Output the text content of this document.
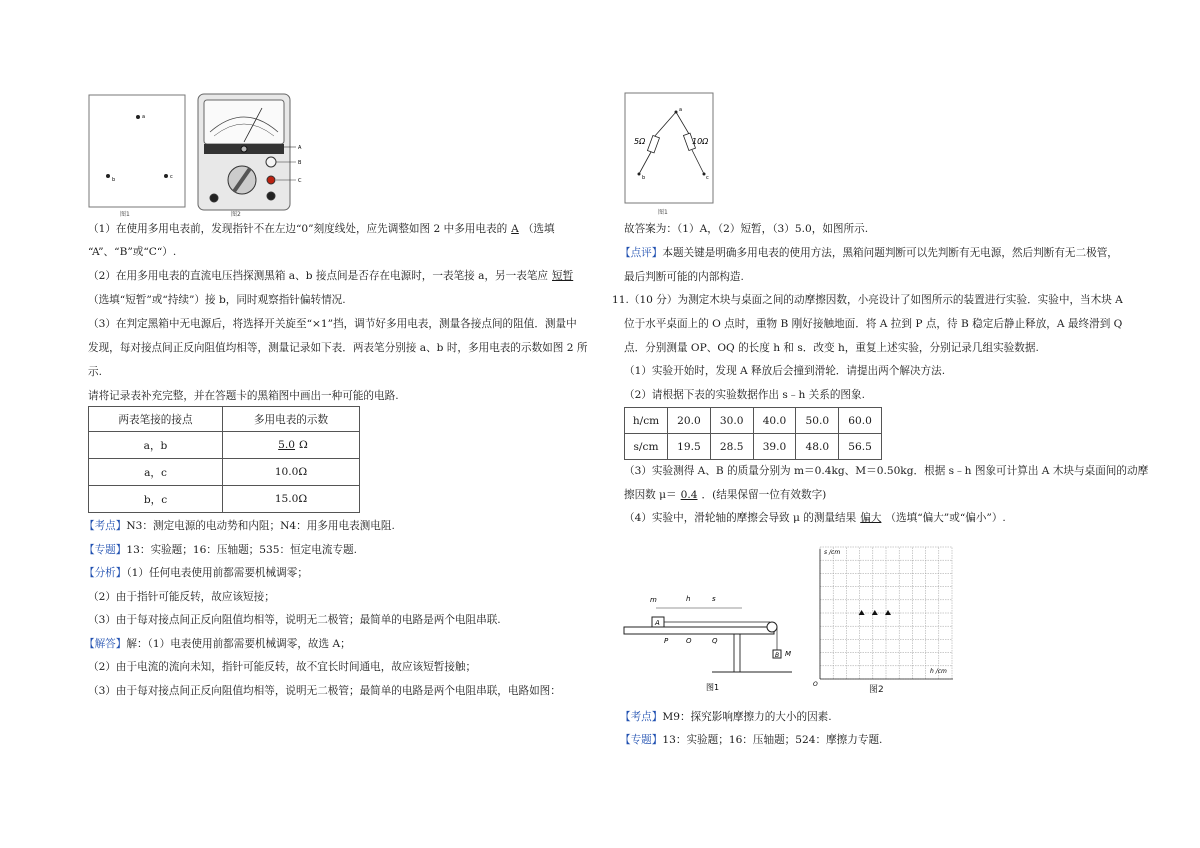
a
b	c
图1
A
B
C
图2
（1）在使用多用电表前，发现指针不在左边“0”刻度线处，应先调整如图 2 中多用电表的 A （选填
“A”、“B”或“C“）.
（2）在用多用电表的直流电压挡探测黑箱 a、b 接点间是否存在电源时，一表笔接 a，另一表笔应 短暂
（选填“短暂”或“持续”）接 b，同时观察指针偏转情况.
（3）在判定黑箱中无电源后，将选择开关旋至“×1”挡，调节好多用电表，测量各接点间的阻值．测量中
发现，每对接点间正反向阻值均相等，测量记录如下表．两表笔分别接 a、b 时，多用电表的示数如图 2 所
示.
请将记录表补充完整，并在答题卡的黑箱图中画出一种可能的电路.
两表笔接的接点	多用电表的示数
a，b	5.0 Ω
a，c	10.0Ω
b，c	15.0Ω
【考点】N3：测定电源的电动势和内阻；N4：用多用电表测电阻.
【专题】13：实验题；16：压轴题；535：恒定电流专题.
【分析】（1）任何电表使用前都需要机械调零；
（2）由于指针可能反转，故应该短接；
（3）由于每对接点间正反向阻值均相等，说明无二极管；最简单的电路是两个电阻串联.
【解答】解：（1）电表使用前都需要机械调零，故选 A；
（2）由于电流的流向未知，指针可能反转，故不宜长时间通电，故应该短暂接触；
（3）由于每对接点间正反向阻值均相等，说明无二极管；最简单的电路是两个电阻串联，电路如图：
a
b	c
5Ω	10Ω
图1
故答案为：（1）A，（2）短暂，（3）5.0，如图所示.
【点评】本题关键是明确多用电表的使用方法，黑箱问题判断可以先判断有无电源，然后判断有无二极管，
最后判断可能的内部构造.
11.（10 分）为测定木块与桌面之间的动摩擦因数，小亮设计了如图所示的装置进行实验．实验中，当木块 A
位于水平桌面上的 O 点时，重物 B 刚好接触地面．将 A 拉到 P 点，待 B 稳定后静止释放，A 最终滑到 Q
点．分别测量 OP、OQ 的长度 h 和 s．改变 h，重复上述实验，分别记录几组实验数据.
（1）实验开始时，发现 A 释放后会撞到滑轮．请提出两个解决方法.
（2）请根据下表的实验数据作出 s﹣h 关系的图象.
h/cm	20.0	30.0	40.0	50.0	60.0
s/cm	19.5	28.5	39.0	48.0	56.5
（3）实验测得 A、B 的质量分别为 m＝0.4kg、M＝0.50kg．根据 s﹣h 图象可计算出 A 木块与桌面间的动摩
擦因数 μ＝ 0.4 ．(结果保留一位有效数字)
（4）实验中，滑轮轴的摩擦会导致 μ 的测量结果 偏大 （选填“偏大”或“偏小”）.
m	h	s
A
B M
P	O	Q
图1
s /cm
h /cm
O
图2
【考点】M9：探究影响摩擦力的大小的因素.
【专题】13：实验题；16：压轴题；524：摩擦力专题.
